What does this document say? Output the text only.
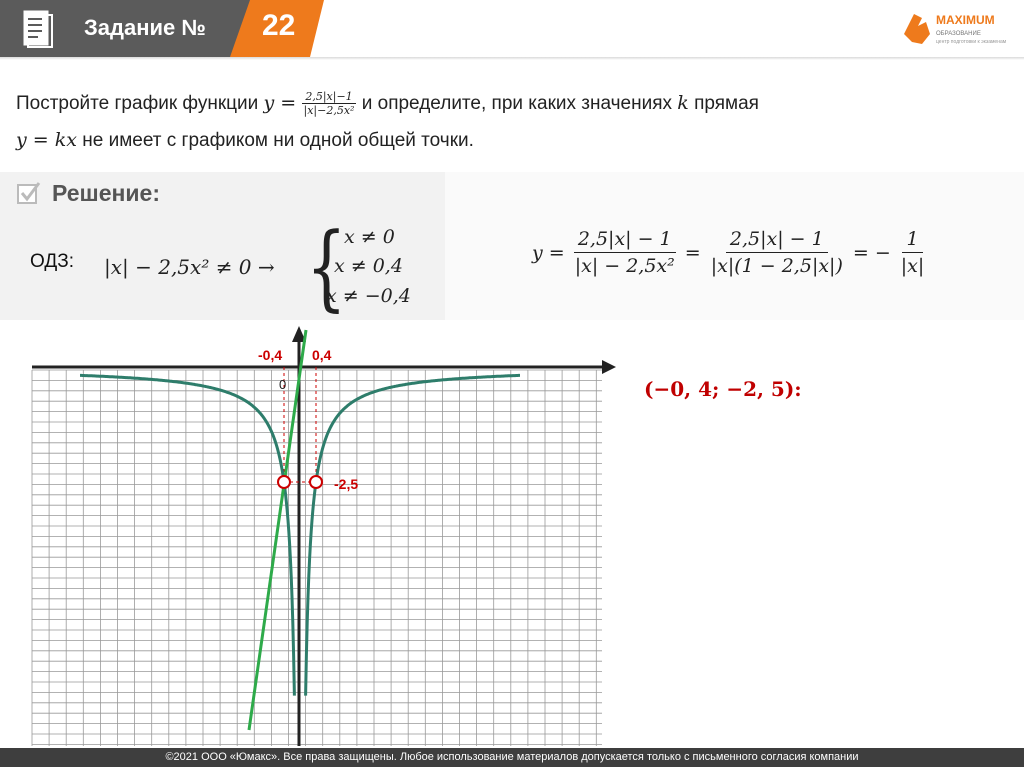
Задание № 22	MAXIMUM
ОБРАЗОВАНИЕ
центр подготовки к экзаменам
Постройте график функции $y = \frac{2,5|x|-1}{\text{|x|−2,5x²}}$ и определите, при каких значениях k прямая
y = kx не имеет с графиком ни одной общей точки.
Решение:
ОДЗ: |x| − 2,5x² ≠ 0 → {
x ≠ 0
x ≠ 0,4
x ≠ −0,4
$y = \frac{2,5|x| - 1}{\text{|x| − 2,5x²}} = \frac{2,5|x| - 1}{|x|(1 - 2,5|x|)}$ = − $\frac{1}{|x|}$
-0,4 0,4
0
-2,5
(−0, 4; −2, 5):
©2021 ООО «Юмакс». Все права защищены. Любое использование материалов допускается только с письменного согласия компании
